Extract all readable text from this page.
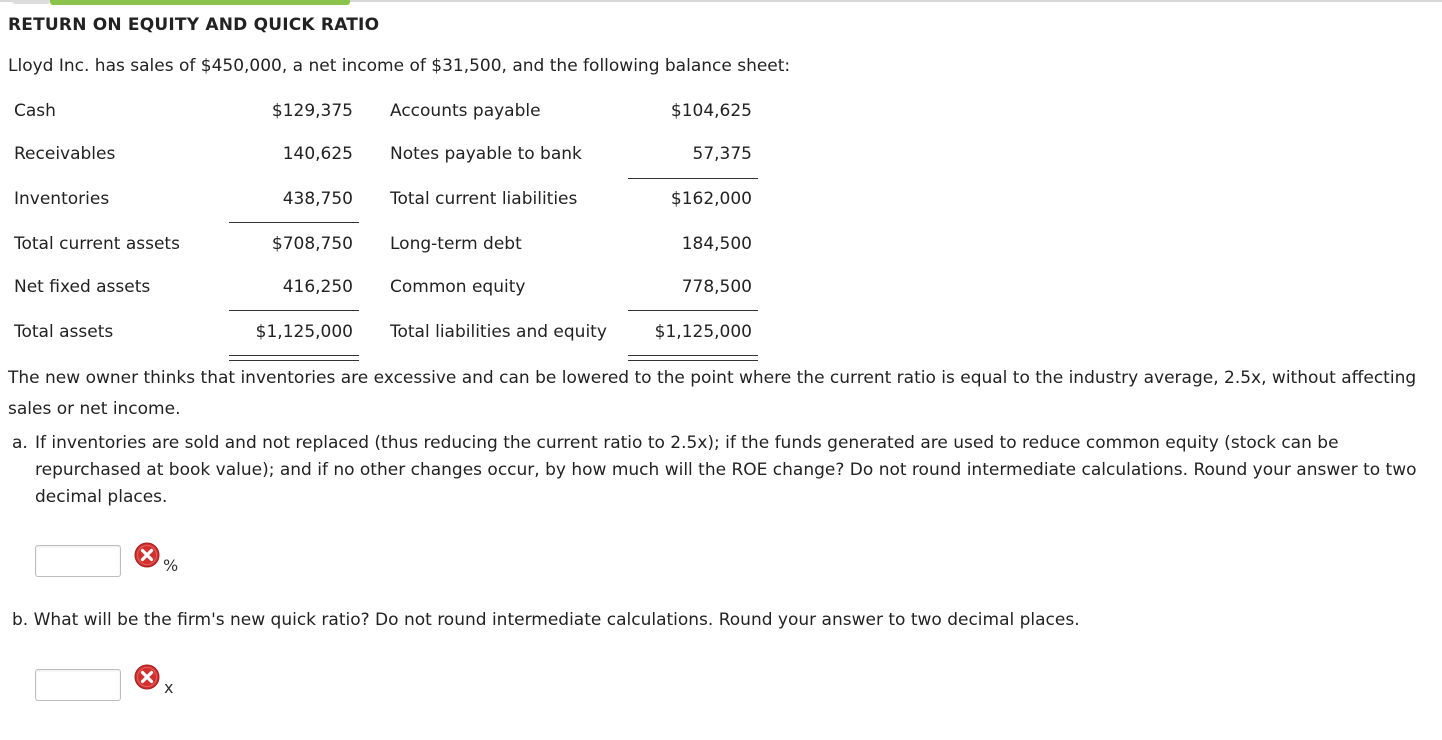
RETURN ON EQUITY AND QUICK RATIO
Lloyd Inc. has sales of $450,000, a net income of $31,500, and the following balance sheet:
Cash	$129,375 Accounts payable	$104,625
Receivables	140,625 Notes payable to bank	57,375
Inventories	438,750 Total current liabilities	$162,000
Total current assets	$708,750 Long-term debt	184,500
Net fixed assets	416,250 Common equity	778,500
Total assets	$1,125,000 Total liabilities and equity	$1,125,000
The new owner thinks that inventories are excessive and can be lowered to the point where the current ratio is equal to the industry average, 2.5x, without affecting sales or net income.
a. If inventories are sold and not replaced (thus reducing the current ratio to 2.5x); if the funds generated are used to reduce common equity (stock can be repurchased at book value); and if no other changes occur, by how much will the ROE change? Do not round intermediate calculations. Round your answer to two decimal places.
%
b. What will be the firm's new quick ratio? Do not round intermediate calculations. Round your answer to two decimal places.
x
